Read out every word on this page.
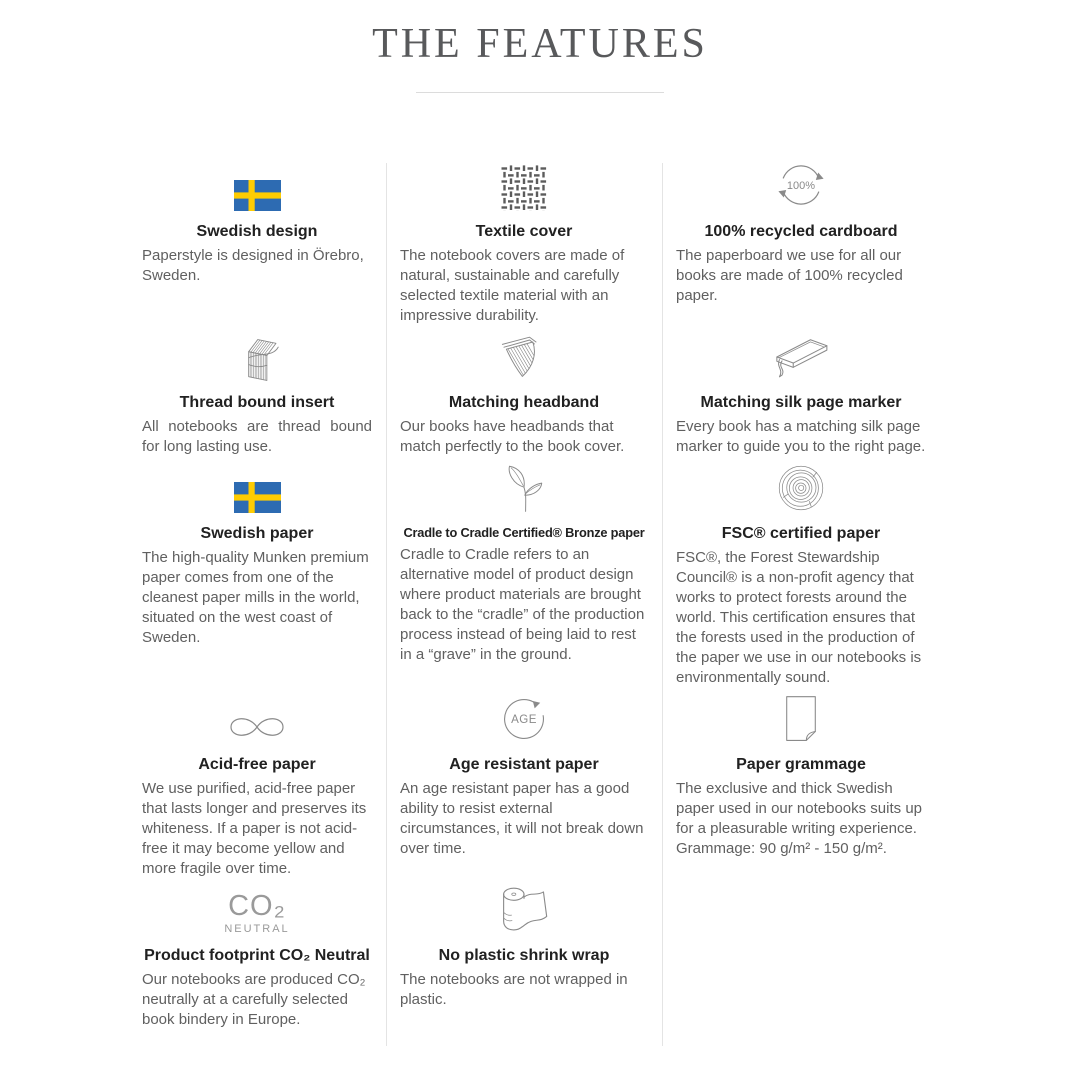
THE FEATURES
Swedish design

Paperstyle is designed in Örebro, Sweden.

Textile cover

The notebook covers are made of natural, sustainable and carefully selected textile material with an impressive durability.

100%
100% recycled cardboard

The paperboard we use for all our books are made of 100% recycled paper.

Thread bound insert

All notebooks are thread bound for long lasting use.

Matching headband

Our books have headbands that match perfectly to the book cover.

Matching silk page marker

Every book has a matching silk page marker to guide you to the right page.

Swedish paper

The high-quality Munken premium paper comes from one of the cleanest paper mills in the world, situated on the west coast of Sweden.

Cradle to Cradle Certified® Bronze paper

Cradle to Cradle refers to an alternative model of product design where product materials are brought back to the “cradle” of the production process instead of being laid to rest in a “grave” in the ground.

FSC® certified paper

FSC®, the Forest Stewardship Council® is a non-profit agency that works to protect forests around the world. This certification ensures that the forests used in the production of the paper we use in our notebooks is environmentally sound.

Acid-free paper

We use purified, acid-free paper that lasts longer and preserves its whiteness. If a paper is not acid-free it may become yellow and more fragile over time.

AGE
Age resistant paper

An age resistant paper has a good ability to resist external circumstances, it will not break down over time.

Paper grammage

The exclusive and thick Swedish paper used in our notebooks suits up for a pleasurable writing experience. Grammage: 90 g/m² - 150 g/m².

CO₂
NEUTRAL
Product footprint CO₂ Neutral

Our notebooks are produced CO₂ neutrally at a carefully selected book bindery in Europe.

No plastic shrink wrap

The notebooks are not wrapped in plastic.
